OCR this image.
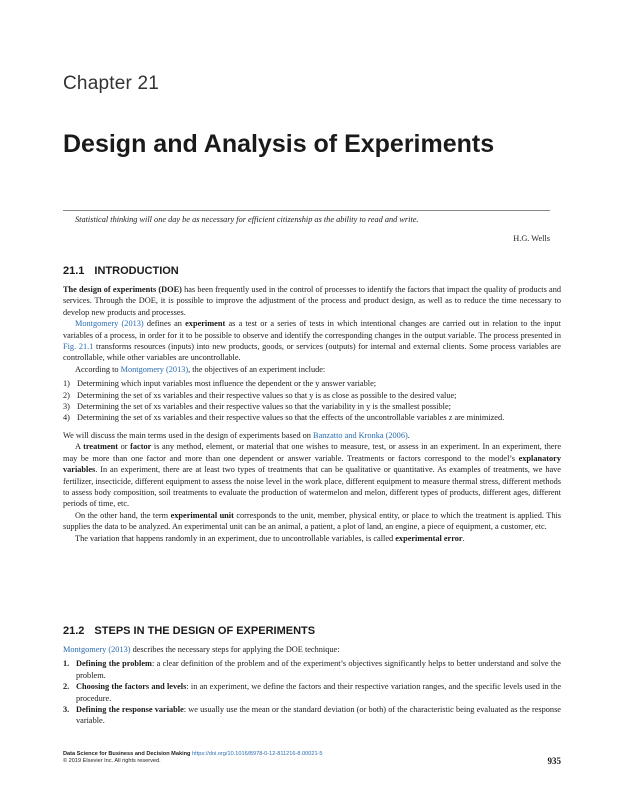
Chapter 21
Design and Analysis of Experiments
Statistical thinking will one day be as necessary for efficient citizenship as the ability to read and write.
H.G. Wells
21.1 INTRODUCTION

The design of experiments (DOE) has been frequently used in the control of processes to identify the factors that impact the quality of products and services. Through the DOE, it is possible to improve the adjustment of the process and product design, as well as to reduce the time necessary to develop new products and processes.

Montgomery (2013) defines an experiment as a test or a series of tests in which intentional changes are carried out in relation to the input variables of a process, in order for it to be possible to observe and identify the corresponding changes in the output variable. The process presented in Fig. 21.1 transforms resources (inputs) into new products, goods, or services (outputs) for internal and external clients. Some process variables are controllable, while other variables are uncontrollable.

According to Montgomery (2013), the objectives of an experiment include:

1) Determining which input variables most influence the dependent or the y answer variable;
2) Determining the set of xs variables and their respective values so that y is as close as possible to the desired value;
3) Determining the set of xs variables and their respective values so that the variability in y is the smallest possible;
4) Determining the set of xs variables and their respective values so that the effects of the uncontrollable variables z are minimized.

We will discuss the main terms used in the design of experiments based on Banzatto and Kronka (2006).

A treatment or factor is any method, element, or material that one wishes to measure, test, or assess in an experiment. In an experiment, there may be more than one factor and more than one dependent or answer variable. Treatments or factors correspond to the model’s explanatory variables. In an experiment, there are at least two types of treatments that can be qualitative or quantitative. As examples of treatments, we have fertilizer, insecticide, different equipment to assess the noise level in the work place, different equipment to measure thermal stress, different methods to assess body composition, soil treatments to evaluate the production of watermelon and melon, different types of products, different ages, different periods of time, etc.

On the other hand, the term experimental unit corresponds to the unit, member, physical entity, or place to which the treatment is applied. This supplies the data to be analyzed. An experimental unit can be an animal, a patient, a plot of land, an engine, a piece of equipment, a customer, etc.

The variation that happens randomly in an experiment, due to uncontrollable variables, is called experimental error.

21.2 STEPS IN THE DESIGN OF EXPERIMENTS

Montgomery (2013) describes the necessary steps for applying the DOE technique:

1. Defining the problem: a clear definition of the problem and of the experiment’s objectives significantly helps to better understand and solve the problem.
2. Choosing the factors and levels: in an experiment, we define the factors and their respective variation ranges, and the specific levels used in the procedure.
3. Defining the response variable: we usually use the mean or the standard deviation (or both) of the characteristic being evaluated as the response variable.
Data Science for Business and Decision Making https://doi.org/10.1016/B978-0-12-811216-8.00021-5
© 2019 Elsevier Inc. All rights reserved.	935
